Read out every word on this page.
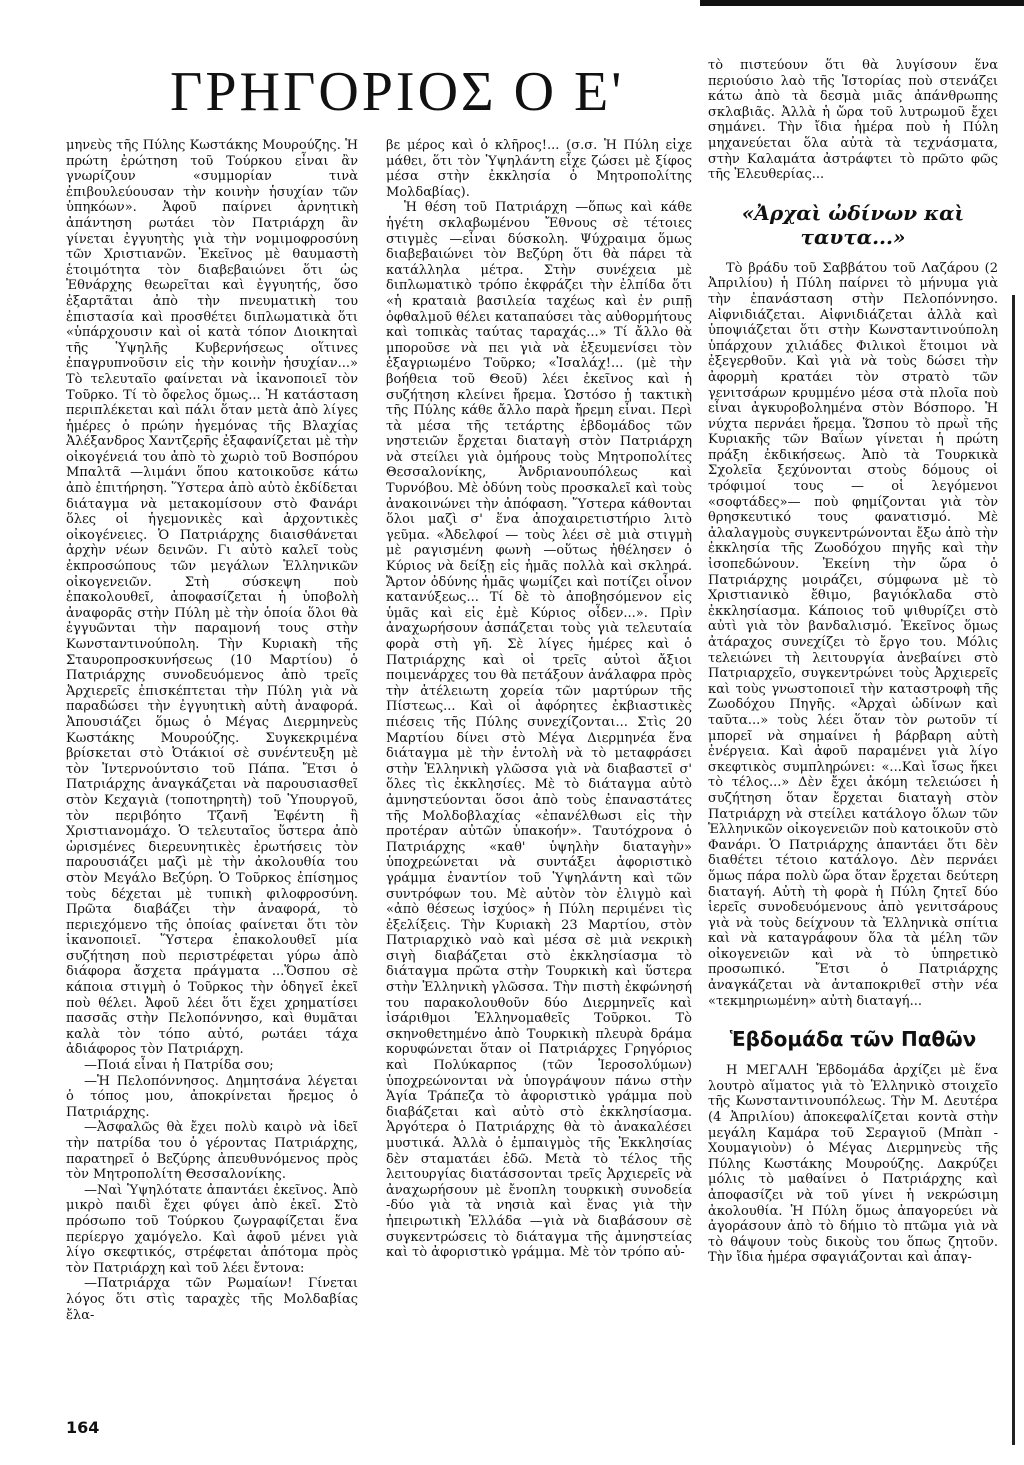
ΓΡΗΓΟΡΙΟΣ Ο Ε'

μηνεὺς τῆς Πύλης Κωστάκης Μουρούζης. Ἡ πρώτη ἐρώτηση τοῦ Τούρκου εἶναι ἂν γνωρίζουν «συμμορίαν τινὰ ἐπιβουλεύουσαν τὴν κοινὴν ἡσυχίαν τῶν ὑπηκόων». Ἀφοῦ παίρνει ἀρνητικὴ ἀπάντηση ρωτάει τὸν Πατριάρχη ἂν γίνεται ἐγγυητὴς γιὰ τὴν νομιμοφροσύνη τῶν Χριστιανῶν. Ἐκεῖνος μὲ θαυμαστὴ ἑτοιμότητα τὸν διαβεβαιώνει ὅτι ὡς Ἐθνάρχης θεωρεῖται καὶ ἐγγυητής, ὅσο ἐξαρτᾶται ἀπὸ τὴν πνευματικὴ του ἐπιστασία καὶ προσθέτει διπλωματικὰ ὅτι «ὑπάρχουσιν καὶ οἱ κατὰ τόπον Διοικηταὶ τῆς Ὑψηλῆς Κυβερνήσεως οἵτινες ἐπαγρυπνοῦσιν εἰς τὴν κοινὴν ἡσυχίαν...» Τὸ τελευταῖο φαίνεται νὰ ἱκανοποιεῖ τὸν Τοῦρκο. Τί τὸ ὄφελος ὅμως... Ἡ κατάσταση περιπλέκεται καὶ πάλι ὅταν μετὰ ἀπὸ λίγες ἡμέρες ὁ πρώην ἡγεμόνας τῆς Βλαχίας Ἀλέξανδρος Χαντζερῆς ἐξαφανίζεται μὲ τὴν οἰκογένειά του ἀπὸ τὸ χωριὸ τοῦ Βοσπόρου Μπαλτᾶ —λιμάνι ὅπου κατοικοῦσε κάτω ἀπὸ ἐπιτήρηση. Ὕστερα ἀπὸ αὐτὸ ἐκδίδεται διάταγμα νὰ μετακομίσουν στὸ Φανάρι ὅλες οἱ ἡγεμονικὲς καὶ ἀρχοντικὲς οἰκογένειες. Ὁ Πατριάρχης διαισθάνεται ἀρχὴν νέων δεινῶν. Γι αὐτὸ καλεῖ τοὺς ἐκπροσώπους τῶν μεγάλων Ἑλληνικῶν οἰκογενειῶν. Στὴ σύσκεψη ποὺ ἐπακολουθεῖ, ἀποφασίζεται ἡ ὑποβολὴ ἀναφορᾶς στὴν Πύλη μὲ τὴν ὁποία ὅλοι θὰ ἐγγυῶνται τὴν παραμονή τους στὴν Κωνσταντινούπολη. Τὴν Κυριακὴ τῆς Σταυροπροσκυνήσεως (10 Μαρτίου) ὁ Πατριάρχης συνοδευόμενος ἀπὸ τρεῖς Ἀρχιερεῖς ἐπισκέπτεται τὴν Πύλη γιὰ νὰ παραδώσει τὴν ἐγγυητικὴ αὐτὴ ἀναφορά. Ἀπουσιάζει ὅμως ὁ Μέγας Διερμηνεὺς Κωστάκης Μουρούζης. Συγκεκριμένα βρίσκεται στὸ Ὀτάκιοί σὲ συνέντευξη μὲ τὸν Ἰντερνούντσιο τοῦ Πάπα. Ἔτσι ὁ Πατριάρχης ἀναγκάζεται νὰ παρουσιασθεῖ στὸν Κεχαγιὰ (τοποτηρητὴ) τοῦ Ὑπουργοῦ, τὸν περιβόητο Τζανῆ Ἐφέντη ἢ Χριστιανομάχο. Ὁ τελευταῖος ὕστερα ἀπὸ ὡρισμένες διερευνητικὲς ἐρωτήσεις τὸν παρουσιάζει μαζὶ μὲ τὴν ἀκολουθία του στὸν Μεγάλο Βεζύρη. Ὁ Τοῦρκος ἐπίσημος τοὺς δέχεται μὲ τυπικὴ φιλοφροσύνη. Πρῶτα διαβάζει τὴν ἀναφορά, τὸ περιεχόμενο τῆς ὁποίας φαίνεται ὅτι τὸν ἱκανοποιεῖ. Ὕστερα ἐπακολουθεῖ μία συζήτηση ποὺ περιστρέφεται γύρω ἀπὸ διάφορα ἄσχετα πράγματα ...Ὅσπου σὲ κάποια στιγμὴ ὁ Τοῦρκος τὴν ὁδηγεῖ ἐκεῖ ποὺ θέλει. Ἀφοῦ λέει ὅτι ἔχει χρηματίσει πασσᾶς στὴν Πελοπόννησο, καὶ θυμᾶται καλὰ τὸν τόπο αὐτό, ρωτάει τάχα ἀδιάφορος τὸν Πατριάρχη.

—Ποιά εἶναι ἡ Πατρίδα σου;

—Ἡ Πελοπόννησος. Δημητσάνα λέγεται ὁ τόπος μου, ἀποκρίνεται ἤρεμος ὁ Πατριάρχης.

—Ἀσφαλῶς θὰ ἔχει πολὺ καιρὸ νὰ ἰδεῖ τὴν πατρίδα του ὁ γέροντας Πατριάρχης, παρατηρεῖ ὁ Βεζύρης ἀπευθυνόμενος πρὸς τὸν Μητροπολίτη Θεσσαλονίκης.

—Ναὶ Ὑψηλότατε ἀπαντάει ἐκεῖνος. Ἀπὸ μικρὸ παιδὶ ἔχει φύγει ἀπὸ ἐκεῖ. Στὸ πρόσωπο τοῦ Τούρκου ζωγραφίζεται ἕνα περίεργο χαμόγελο. Καὶ ἀφοῦ μένει γιὰ λίγο σκεφτικός, στρέφεται ἀπότομα πρὸς τὸν Πατριάρχη καὶ τοῦ λέει ἔντονα:

—Πατριάρχα τῶν Ρωμαίων! Γίνεται λόγος ὅτι στὶς ταραχὲς τῆς Μολδαβίας ἔλα-

βε μέρος καὶ ὁ κλῆρος!... (σ.σ. Ἡ Πύλη εἶχε μάθει, ὅτι τὸν Ὑψηλάντη εἶχε ζώσει μὲ ξίφος μέσα στὴν ἐκκλησία ὁ Μητροπολίτης Μολδαβίας).

Ἡ θέση τοῦ Πατριάρχη —ὅπως καὶ κάθε ἡγέτη σκλαβωμένου Ἔθνους σὲ τέτοιες στιγμὲς —εἶναι δύσκολη. Ψύχραιμα ὅμως διαβεβαιώνει τὸν Βεζύρη ὅτι θὰ πάρει τὰ κατάλληλα μέτρα. Στὴν συνέχεια μὲ διπλωματικὸ τρόπο ἐκφράζει τὴν ἐλπίδα ὅτι «ἡ κραταιὰ βασιλεία ταχέως καὶ ἐν ριπῇ ὀφθαλμοῦ θέλει καταπαύσει τὰς αὐθορμήτους καὶ τοπικὰς ταύτας ταραχάς...» Τί ἄλλο θὰ μποροῦσε νὰ πει γιὰ νὰ ἐξευμενίσει τὸν ἐξαγριωμένο Τοῦρκο; «Ἰσαλάχ!... (μὲ τὴν βοήθεια τοῦ Θεοῦ) λέει ἐκεῖνος καὶ ἡ συζήτηση κλείνει ἤρεμα. Ὡστόσο ἡ τακτικὴ τῆς Πύλης κάθε ἄλλο παρὰ ἤρεμη εἶναι. Περὶ τὰ μέσα τῆς τετάρτης ἑβδομάδος τῶν νηστειῶν ἔρχεται διαταγὴ στὸν Πατριάρχη νὰ στείλει γιὰ ὁμήρους τοὺς Μητροπολίτες Θεσσαλονίκης, Ἀνδριανουπόλεως καὶ Τυρνόβου. Μὲ ὀδύνη τοὺς προσκαλεῖ καὶ τοὺς ἀνακοινώνει τὴν ἀπόφαση. Ὕστερα κάθονται ὅλοι μαζὶ σ' ἕνα ἀποχαιρετιστήριο λιτὸ γεῦμα. «Ἀδελφοί — τοὺς λέει σὲ μιὰ στιγμὴ μὲ ραγισμένη φωνὴ —οὕτως ἠθέλησεν ὁ Κύριος νὰ δείξῃ εἰς ἡμᾶς πολλὰ καὶ σκληρά. Ἄρτον ὀδύνης ἡμᾶς ψωμίζει καὶ ποτίζει οἶνον κατανύξεως... Τί δὲ τὸ ἀποβησόμενον εἰς ὑμᾶς καὶ εἰς ἐμὲ Κύριος οἶδεν...». Πρὶν ἀναχωρήσουν ἀσπάζεται τοὺς γιὰ τελευταία φορὰ στὴ γῆ. Σὲ λίγες ἡμέρες καὶ ὁ Πατριάρχης καὶ οἱ τρεῖς αὐτοὶ ἄξιοι ποιμενάρχες του θὰ πετάξουν ἀνάλαφρα πρὸς τὴν ἀτέλειωτη χορεία τῶν μαρτύρων τῆς Πίστεως... Καὶ οἱ ἀφόρητες ἐκβιαστικὲς πιέσεις τῆς Πύλης συνεχίζονται... Στὶς 20 Μαρτίου δίνει στὸ Μέγα Διερμηνέα ἕνα διάταγμα μὲ τὴν ἐντολὴ νὰ τὸ μεταφράσει στὴν Ἑλληνικὴ γλῶσσα γιὰ νὰ διαβαστεῖ σ' ὅλες τὶς ἐκκλησίες. Μὲ τὸ διάταγμα αὐτὸ ἀμνηστεύονται ὅσοι ἀπὸ τοὺς ἐπαναστάτες τῆς Μολδοβλαχίας «ἐπανέλθωσι εἰς τὴν προτέραν αὐτῶν ὑπακοήν». Ταυτόχρονα ὁ Πατριάρχης «καθ' ὑψηλὴν διαταγὴν» ὑποχρεώνεται νὰ συντάξει ἀφοριστικὸ γράμμα ἐναντίον τοῦ Ὑψηλάντη καὶ τῶν συντρόφων του. Μὲ αὐτὸν τὸν ἐλιγμὸ καὶ «ἀπὸ θέσεως ἰσχύος» ἡ Πύλη περιμένει τὶς ἐξελίξεις. Τὴν Κυριακὴ 23 Μαρτίου, στὸν Πατριαρχικὸ ναὸ καὶ μέσα σὲ μιὰ νεκρικὴ σιγὴ διαβάζεται στὸ ἐκκλησίασμα τὸ διάταγμα πρῶτα στὴν Τουρκικὴ καὶ ὕστερα στὴν Ἑλληνικὴ γλῶσσα. Τὴν πιστὴ ἐκφώνησή του παρακολουθοῦν δύο Διερμηνεῖς καὶ ἰσάριθμοι Ἑλληνομαθεῖς Τοῦρκοι. Τὸ σκηνοθετημένο ἀπὸ Τουρκικὴ πλευρὰ δράμα κορυφώνεται ὅταν οἱ Πατριάρχες Γρηγόριος καὶ Πολύκαρπος (τῶν Ἱεροσολύμων) ὑποχρεώνονται νὰ ὑπογράψουν πάνω στὴν Ἁγία Τράπεζα τὸ ἀφοριστικὸ γράμμα ποὺ διαβάζεται καὶ αὐτὸ στὸ ἐκκλησίασμα. Ἀργότερα ὁ Πατριάρχης θὰ τὸ ἀνακαλέσει μυστικά. Ἀλλὰ ὁ ἐμπαιγμὸς τῆς Ἐκκλησίας δὲν σταματάει ἐδῶ. Μετὰ τὸ τέλος τῆς λειτουργίας διατάσσονται τρεῖς Ἀρχιερεῖς νὰ ἀναχωρήσουν μὲ ἔνοπλη τουρκικὴ συνοδεία -δύο γιὰ τὰ νησιὰ καὶ ἕνας γιὰ τὴν ἠπειρωτικὴ Ἑλλάδα —γιὰ νὰ διαβάσουν σὲ συγκεντρώσεις τὸ διάταγμα τῆς ἀμνηστείας καὶ τὸ ἀφοριστικὸ γράμμα. Μὲ τὸν τρόπο αὐ-

τὸ πιστεύουν ὅτι θὰ λυγίσουν ἕνα περιούσιο λαὸ τῆς Ἱστορίας ποὺ στενάζει κάτω ἀπὸ τὰ δεσμὰ μιᾶς ἀπάνθρωπης σκλαβιᾶς. Ἀλλὰ ἡ ὥρα τοῦ λυτρωμοῦ ἔχει σημάνει. Τὴν ἴδια ἡμέρα ποὺ ἡ Πύλη μηχανεύεται ὅλα αὐτὰ τὰ τεχνάσματα, στὴν Καλαμάτα ἀστράφτει τὸ πρῶτο φῶς τῆς Ἐλευθερίας...

«Ἀρχαὶ ὠδίνων καὶ ταυτα...»

Τὸ βράδυ τοῦ Σαββάτου τοῦ Λαζάρου (2 Ἀπριλίου) ἡ Πύλη παίρνει τὸ μήνυμα γιὰ τὴν ἐπανάσταση στὴν Πελοπόννησο. Αἰφνιδιάζεται. Αἰφνιδιάζεται ἀλλὰ καὶ ὑποψιάζεται ὅτι στὴν Κωνσταντινούπολη ὑπάρχουν χιλιάδες Φιλικοὶ ἕτοιμοι νὰ ἐξεγερθοῦν. Καὶ γιὰ νὰ τοὺς δώσει τὴν ἀφορμὴ κρατάει τὸν στρατὸ τῶν γενιτσάρων κρυμμένο μέσα στὰ πλοῖα ποὺ εἶναι ἀγκυροβολημένα στὸν Βόσπορο. Ἡ νύχτα περνάει ἤρεμα. Ὥσπου τὸ πρωῒ τῆς Κυριακῆς τῶν Βαΐων γίνεται ἡ πρώτη πράξη ἐκδικήσεως. Ἀπὸ τὰ Τουρκικὰ Σχολεῖα ξεχύνονται στοὺς δόμους οἱ τρόφιμοί τους — οἱ λεγόμενοι «σοφτάδες»— ποὺ φημίζονται γιὰ τὸν θρησκευτικό τους φανατισμό. Μὲ ἀλαλαγμοὺς συγκεντρώνονται ἔξω ἀπὸ τὴν ἐκκλησία τῆς Ζωοδόχου πηγῆς καὶ τὴν ἰσοπεδώνουν. Ἐκείνη τὴν ὥρα ὁ Πατριάρχης μοιράζει, σύμφωνα μὲ τὸ Χριστιανικὸ ἔθιμο, βαγιόκλαδα στὸ ἐκκλησίασμα. Κάποιος τοῦ ψιθυρίζει στὸ αὐτὶ γιὰ τὸν βανδαλισμό. Ἐκεῖνος ὅμως ἀτάραχος συνεχίζει τὸ ἔργο του. Μόλις τελειώνει τὴ λειτουργία ἀνεβαίνει στὸ Πατριαρχεῖο, συγκεντρώνει τοὺς Ἀρχιερεῖς καὶ τοὺς γνωστοποιεῖ τὴν καταστροφὴ τῆς Ζωοδόχου Πηγῆς. «Ἀρχαὶ ὠδίνων καὶ ταῦτα...» τοὺς λέει ὅταν τὸν ρωτοῦν τί μπορεῖ νὰ σημαίνει ἡ βάρβαρη αὐτὴ ἐνέργεια. Καὶ ἀφοῦ παραμένει γιὰ λίγο σκεφτικὸς συμπληρώνει: «...Καὶ ἴσως ἥκει τὸ τέλος...» Δὲν ἔχει ἀκόμη τελειώσει ἡ συζήτηση ὅταν ἔρχεται διαταγὴ στὸν Πατριάρχη νὰ στείλει κατάλογο ὅλων τῶν Ἑλληνικῶν οἰκογενειῶν ποὺ κατοικοῦν στὸ Φανάρι. Ὁ Πατριάρχης ἀπαντάει ὅτι δὲν διαθέτει τέτοιο κατάλογο. Δὲν περνάει ὅμως πάρα πολὺ ὥρα ὅταν ἔρχεται δεύτερη διαταγή. Αὐτὴ τὴ φορὰ ἡ Πύλη ζητεῖ δύο ἱερεῖς συνοδευόμενους ἀπὸ γενιτσάρους γιὰ νὰ τοὺς δείχνουν τὰ Ἑλληνικὰ σπίτια καὶ νὰ καταγράφουν ὅλα τὰ μέλη τῶν οἰκογενειῶν καὶ νὰ τὸ ὑπηρετικὸ προσωπικό. Ἔτσι ὁ Πατριάρχης ἀναγκάζεται νὰ ἀνταποκριθεῖ στὴν νέα «τεκμηριωμένη» αὐτὴ διαταγή...

Ἑβδομάδα τῶν Παθῶν

Η ΜΕΓΑΛΗ Ἑβδομάδα ἀρχίζει μὲ ἕνα λουτρὸ αἵματος γιὰ τὸ Ἑλληνικὸ στοιχεῖο τῆς Κωνσταντινουπόλεως. Τὴν Μ. Δευτέρα (4 Ἀπριλίου) ἀποκεφαλίζεται κοντὰ στὴν μεγάλη Καμάρα τοῦ Σεραγιοῦ (Μπὰπ - Χουμαγιοὺν) ὁ Μέγας Διερμηνεὺς τῆς Πύλης Κωστάκης Μουρούζης. Δακρύζει μόλις τὸ μαθαίνει ὁ Πατριάρχης καὶ ἀποφασίζει νὰ τοῦ γίνει ἡ νεκρώσιμη ἀκολουθία. Ἡ Πύλη ὅμως ἀπαγορεύει νὰ ἀγοράσουν ἀπὸ τὸ δήμιο τὸ πτῶμα γιὰ νὰ τὸ θάψουν τοὺς δικοὺς του ὅπως ζητοῦν. Τὴν ἴδια ἡμέρα σφαγιάζονται καὶ ἀπαγ-

164
